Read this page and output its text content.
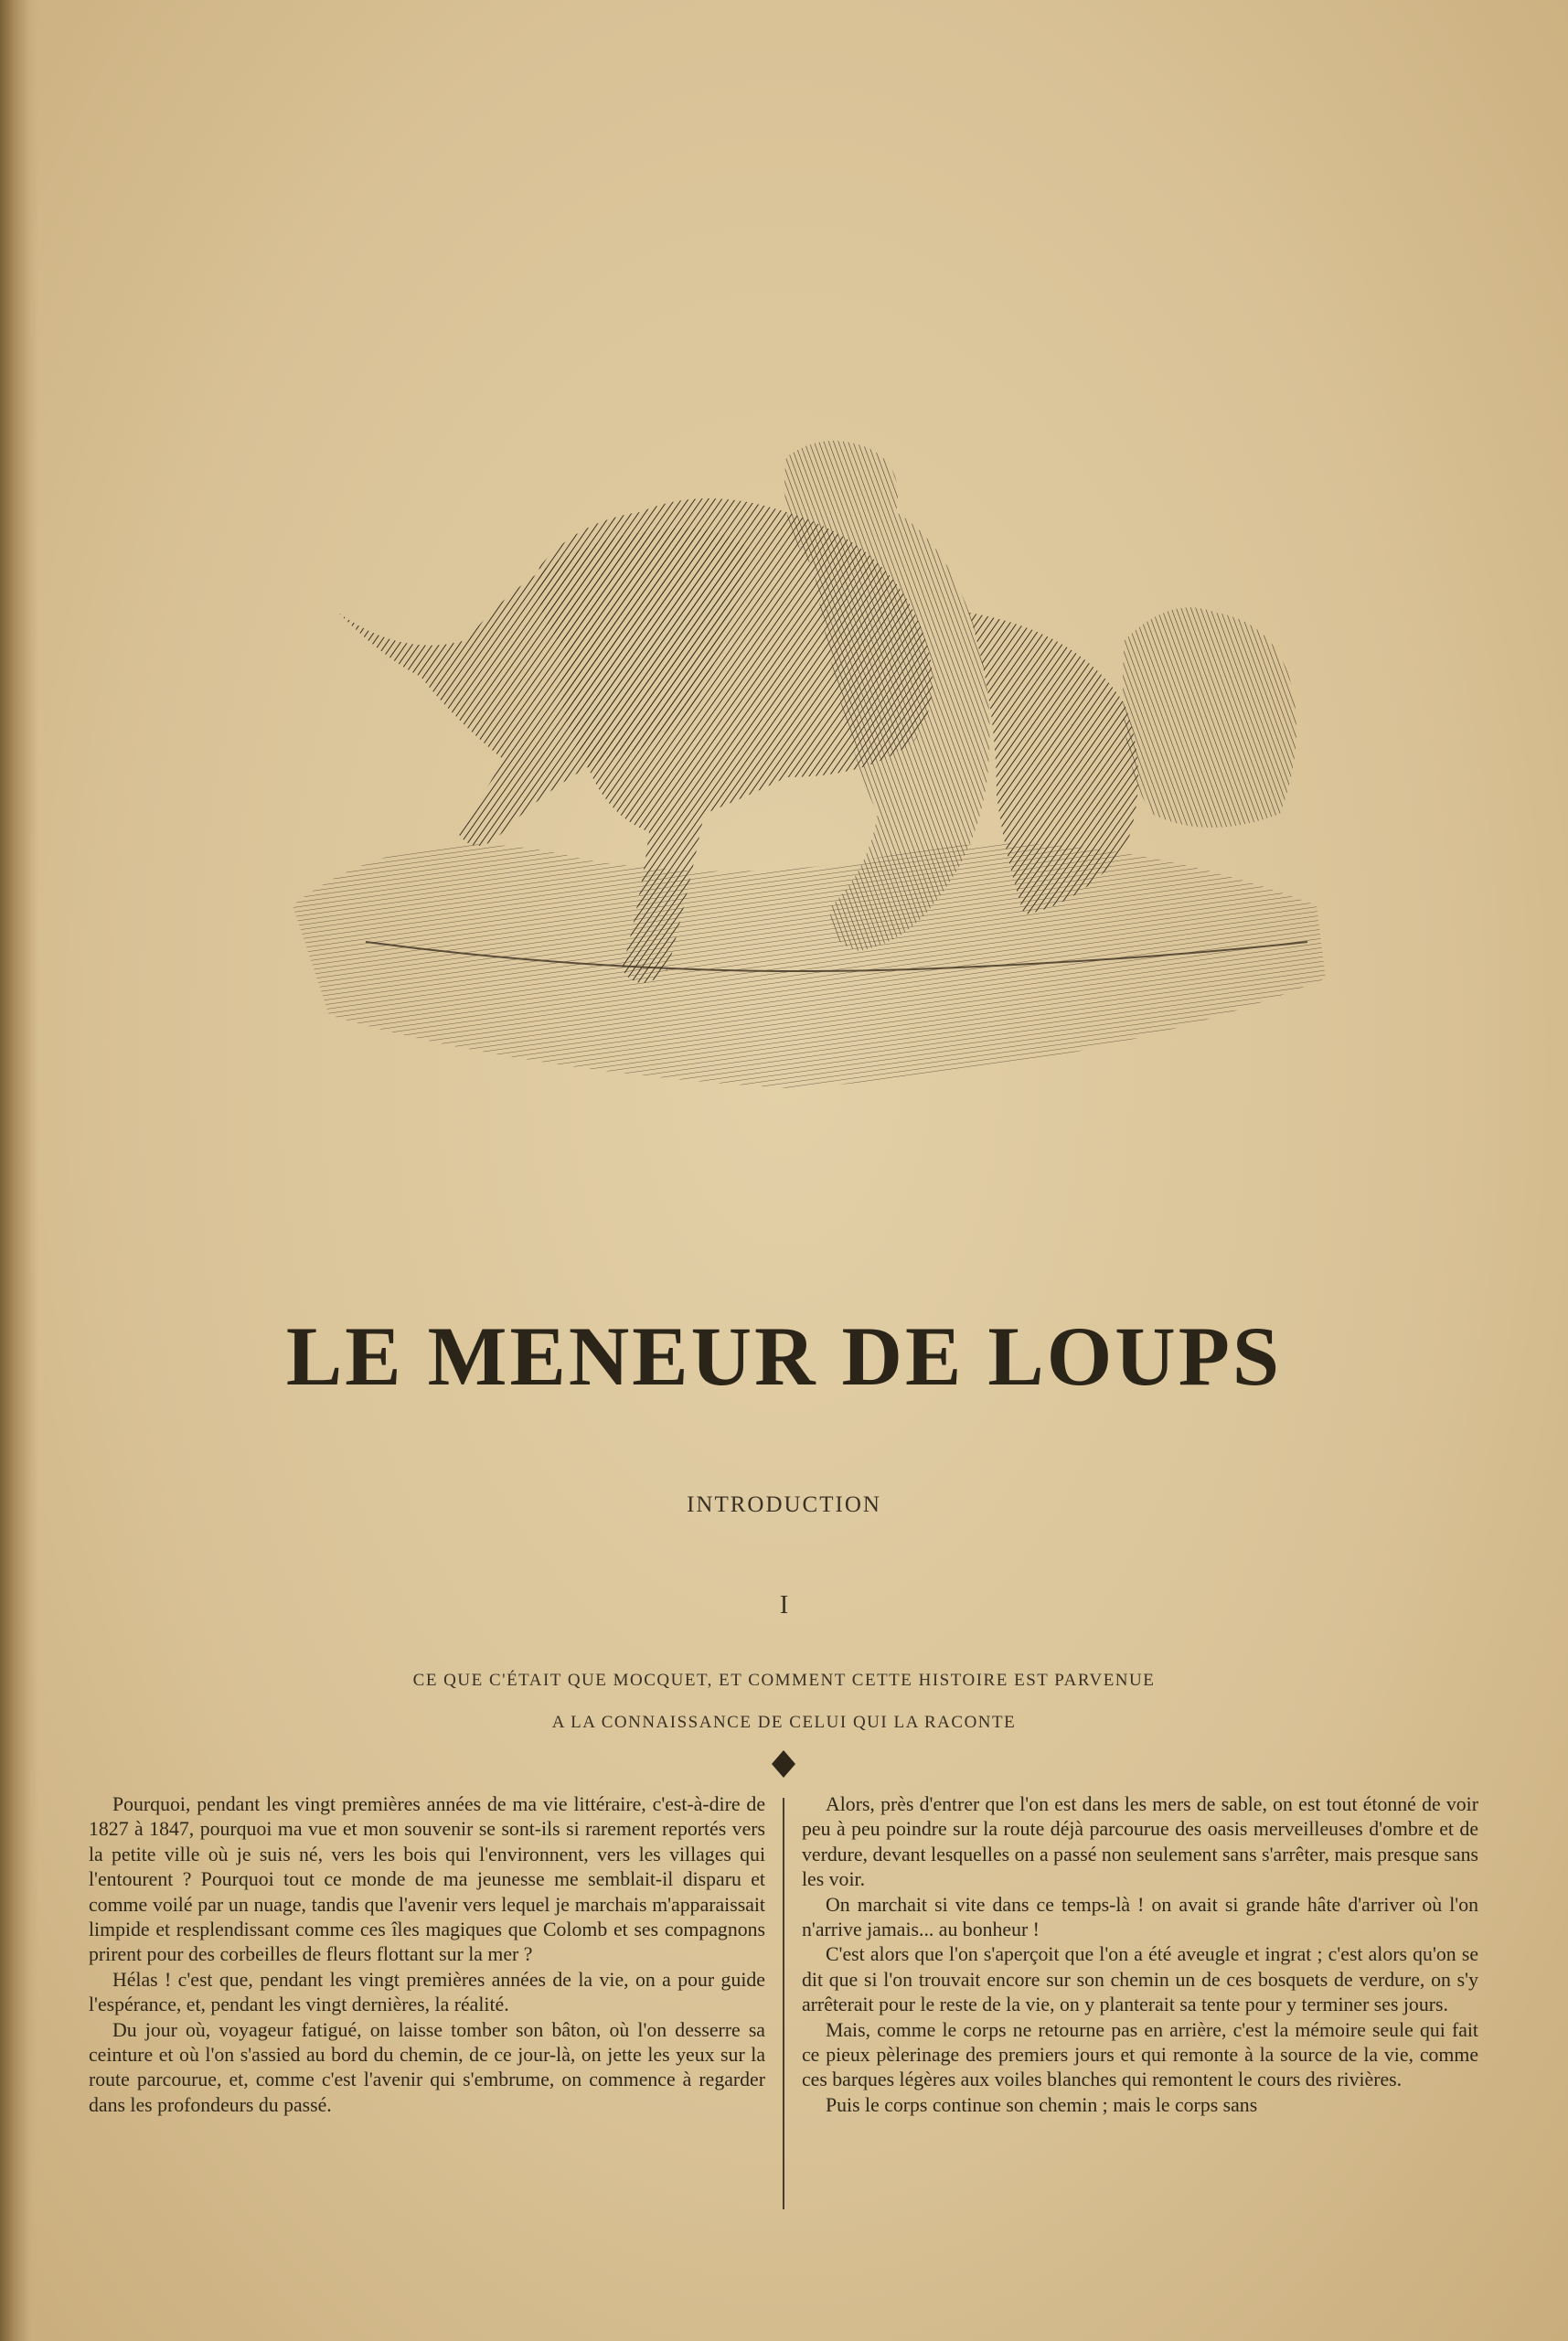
LE MENEUR DE LOUPS
INTRODUCTION
I
CE QUE C'ÉTAIT QUE MOCQUET, ET COMMENT CETTE HISTOIRE EST PARVENUE
A LA CONNAISSANCE DE CELUI QUI LA RACONTE

Pourquoi, pendant les vingt premières années de ma vie littéraire, c'est-à-dire de 1827 à 1847, pourquoi ma vue et mon souvenir se sont-ils si rarement reportés vers la petite ville où je suis né, vers les bois qui l'environnent, vers les villages qui l'entourent ? Pourquoi tout ce monde de ma jeunesse me semblait-il disparu et comme voilé par un nuage, tandis que l'avenir vers lequel je marchais m'apparaissait limpide et resplendissant comme ces îles magiques que Colomb et ses compagnons prirent pour des corbeilles de fleurs flottant sur la mer ?

Hélas ! c'est que, pendant les vingt premières années de la vie, on a pour guide l'espérance, et, pendant les vingt dernières, la réalité.

Du jour où, voyageur fatigué, on laisse tomber son bâton, où l'on desserre sa ceinture et où l'on s'assied au bord du chemin, de ce jour-là, on jette les yeux sur la route parcourue, et, comme c'est l'avenir qui s'embrume, on commence à regarder dans les profondeurs du passé.

Alors, près d'entrer que l'on est dans les mers de sable, on est tout étonné de voir peu à peu poindre sur la route déjà parcourue des oasis merveilleuses d'ombre et de verdure, devant lesquelles on a passé non seulement sans s'arrêter, mais presque sans les voir.

On marchait si vite dans ce temps-là ! on avait si grande hâte d'arriver où l'on n'arrive jamais... au bonheur !

C'est alors que l'on s'aperçoit que l'on a été aveugle et ingrat ; c'est alors qu'on se dit que si l'on trouvait encore sur son chemin un de ces bosquets de verdure, on s'y arrêterait pour le reste de la vie, on y planterait sa tente pour y terminer ses jours.

Mais, comme le corps ne retourne pas en arrière, c'est la mémoire seule qui fait ce pieux pèlerinage des premiers jours et qui remonte à la source de la vie, comme ces barques légères aux voiles blanches qui remontent le cours des rivières.

Puis le corps continue son chemin ; mais le corps sans
